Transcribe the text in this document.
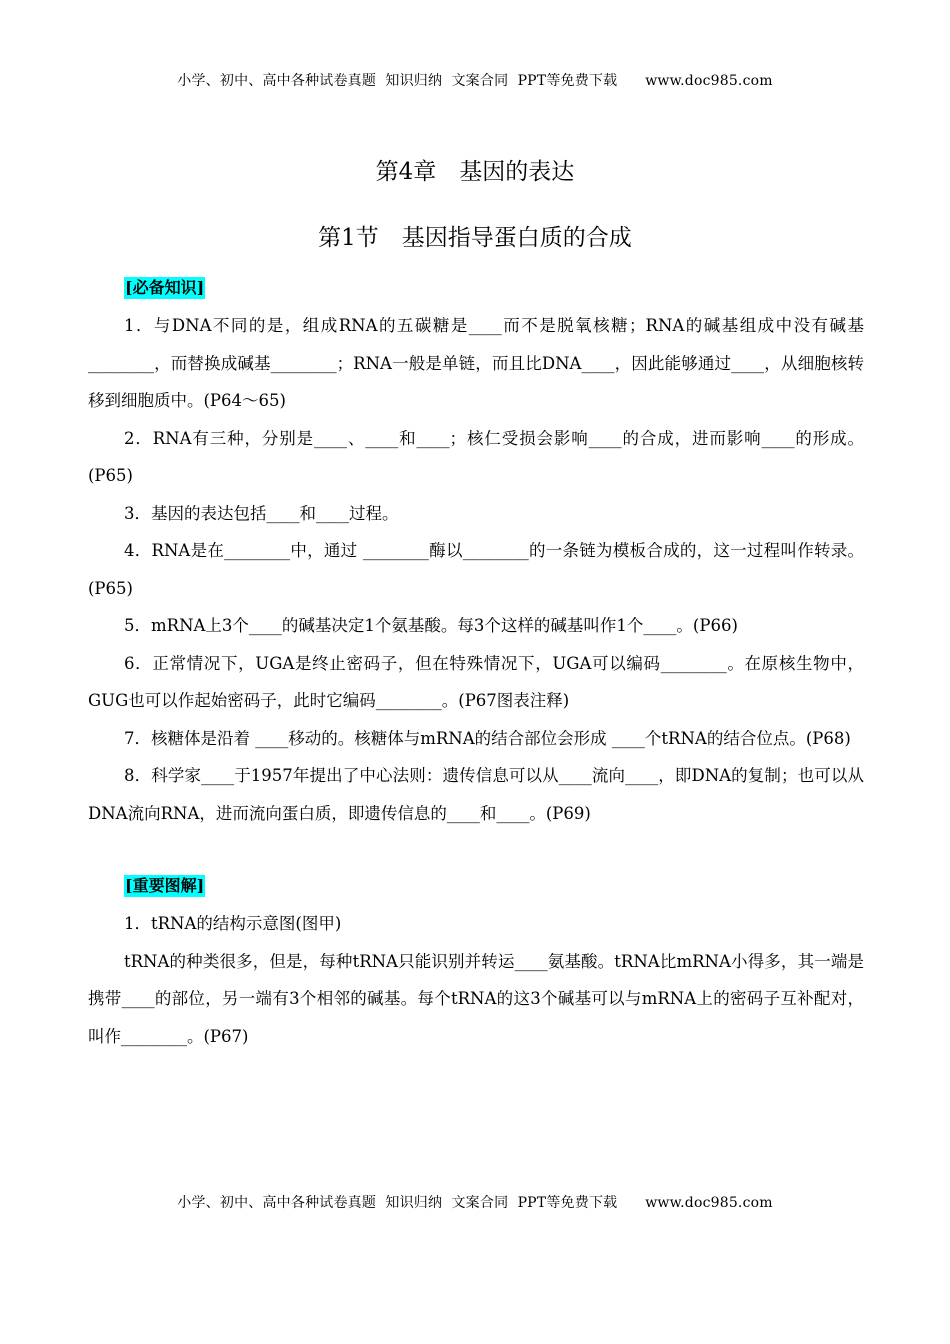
小学、初中、高中各种试卷真题  知识归纳  文案合同  PPT等免费下载      www.doc985.com
第4章　基因的表达
第1节　基因指导蛋白质的合成
[必备知识]

1．与DNA不同的是，组成RNA的五碳糖是____而不是脱氧核糖；RNA的碱基组成中没有碱基________，而替换成碱基________；RNA一般是单链，而且比DNA____，因此能够通过____，从细胞核转移到细胞质中。(P64～65)

2．RNA有三种，分别是____、____和____；核仁受损会影响____的合成，进而影响____的形成。(P65)

3．基因的表达包括____和____过程。

4．RNA是在________中，通过 ________酶以________的一条链为模板合成的，这一过程叫作转录。(P65)

5．mRNA上3个____的碱基决定1个氨基酸。每3个这样的碱基叫作1个____。(P66)

6．正常情况下，UGA是终止密码子，但在特殊情况下，UGA可以编码________。在原核生物中，GUG也可以作起始密码子，此时它编码________。(P67图表注释)

7．核糖体是沿着 ____移动的。核糖体与mRNA的结合部位会形成 ____个tRNA的结合位点。(P68)

8．科学家____于1957年提出了中心法则：遗传信息可以从____流向____，即DNA的复制；也可以从DNA流向RNA，进而流向蛋白质，即遗传信息的____和____。(P69)

[重要图解]

1．tRNA的结构示意图(图甲)

tRNA的种类很多，但是，每种tRNA只能识别并转运____氨基酸。tRNA比mRNA小得多，其一端是携带____的部位，另一端有3个相邻的碱基。每个tRNA的这3个碱基可以与mRNA上的密码子互补配对，叫作________。(P67)

小学、初中、高中各种试卷真题  知识归纳  文案合同  PPT等免费下载      www.doc985.com
